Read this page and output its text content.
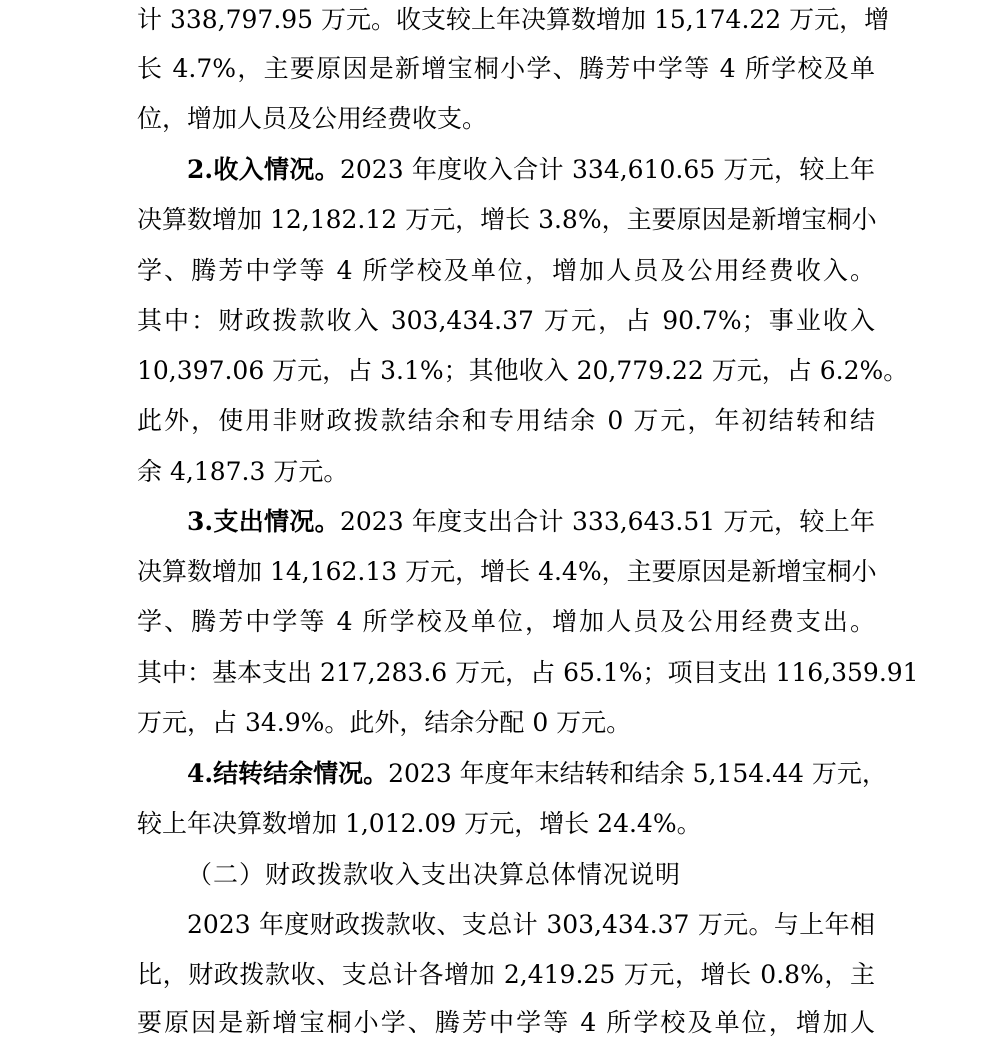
计 338,797.95 万元。收支较上年决算数增加 15,174.22 万元，增
长 4.7%，主要原因是新增宝桐小学、腾芳中学等 4 所学校及单
位，增加人员及公用经费收支。
2.收入情况。2023 年度收入合计 334,610.65 万元，较上年
决算数增加 12,182.12 万元，增长 3.8%，主要原因是新增宝桐小
学、腾芳中学等 4 所学校及单位，增加人员及公用经费收入。
其中：财政拨款收入 303,434.37 万元，占 90.7%；事业收入
10,397.06 万元，占 3.1%；其他收入 20,779.22 万元，占 6.2%。
此外，使用非财政拨款结余和专用结余 0 万元，年初结转和结
余 4,187.3 万元。
3.支出情况。2023 年度支出合计 333,643.51 万元，较上年
决算数增加 14,162.13 万元，增长 4.4%，主要原因是新增宝桐小
学、腾芳中学等 4 所学校及单位，增加人员及公用经费支出。
其中：基本支出 217,283.6 万元，占 65.1%；项目支出 116,359.91
万元，占 34.9%。此外，结余分配 0 万元。
4.结转结余情况。2023 年度年末结转和结余 5,154.44 万元，
较上年决算数增加 1,012.09 万元，增长 24.4%。
（二）财政拨款收入支出决算总体情况说明
2023 年度财政拨款收、支总计 303,434.37 万元。与上年相
比，财政拨款收、支总计各增加 2,419.25 万元，增长 0.8%，主
要原因是新增宝桐小学、腾芳中学等 4 所学校及单位，增加人
